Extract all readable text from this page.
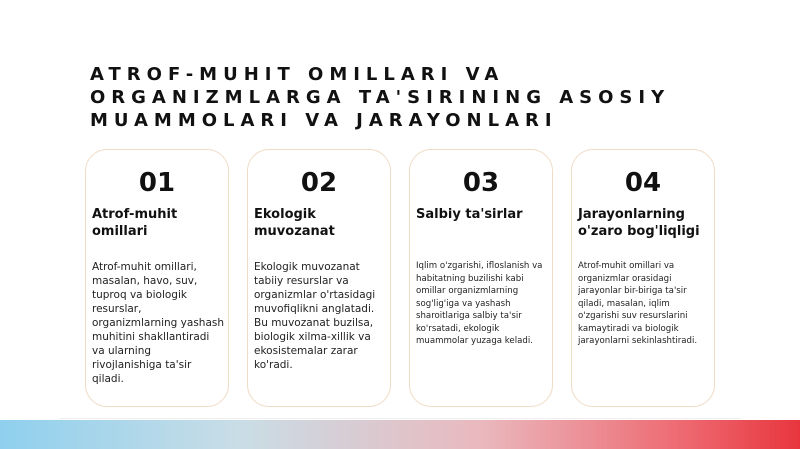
ATROF-MUHIT OMILLARI VA ORGANIZMLARGA TA'SIRINING ASOSIY MUAMMOLARI VA JARAYONLARI
01
Atrof-muhit omillari
Atrof-muhit omillari, masalan, havo, suv, tuproq va biologik resurslar, organizmlarning yashash muhitini shakllantiradi va ularning rivojlanishiga ta'sir qiladi.
02
Ekologik muvozanat
Ekologik muvozanat tabiiy resurslar va organizmlar o'rtasidagi muvofiqlikni anglatadi. Bu muvozanat buzilsa, biologik xilma-xillik va ekosistemalar zarar ko'radi.
03
Salbiy ta'sirlar
Iqlim o'zgarishi, ifloslanish va habitatning buzilishi kabi omillar organizmlarning sog'lig'iga va yashash sharoitlariga salbiy ta'sir ko'rsatadi, ekologik muammolar yuzaga keladi.
04
Jarayonlarning o'zaro bog'liqligi
Atrof-muhit omillari va organizmlar orasidagi jarayonlar bir-biriga ta'sir qiladi, masalan, iqlim o'zgarishi suv resurslarini kamaytiradi va biologik jarayonlarni sekinlashtiradi.
